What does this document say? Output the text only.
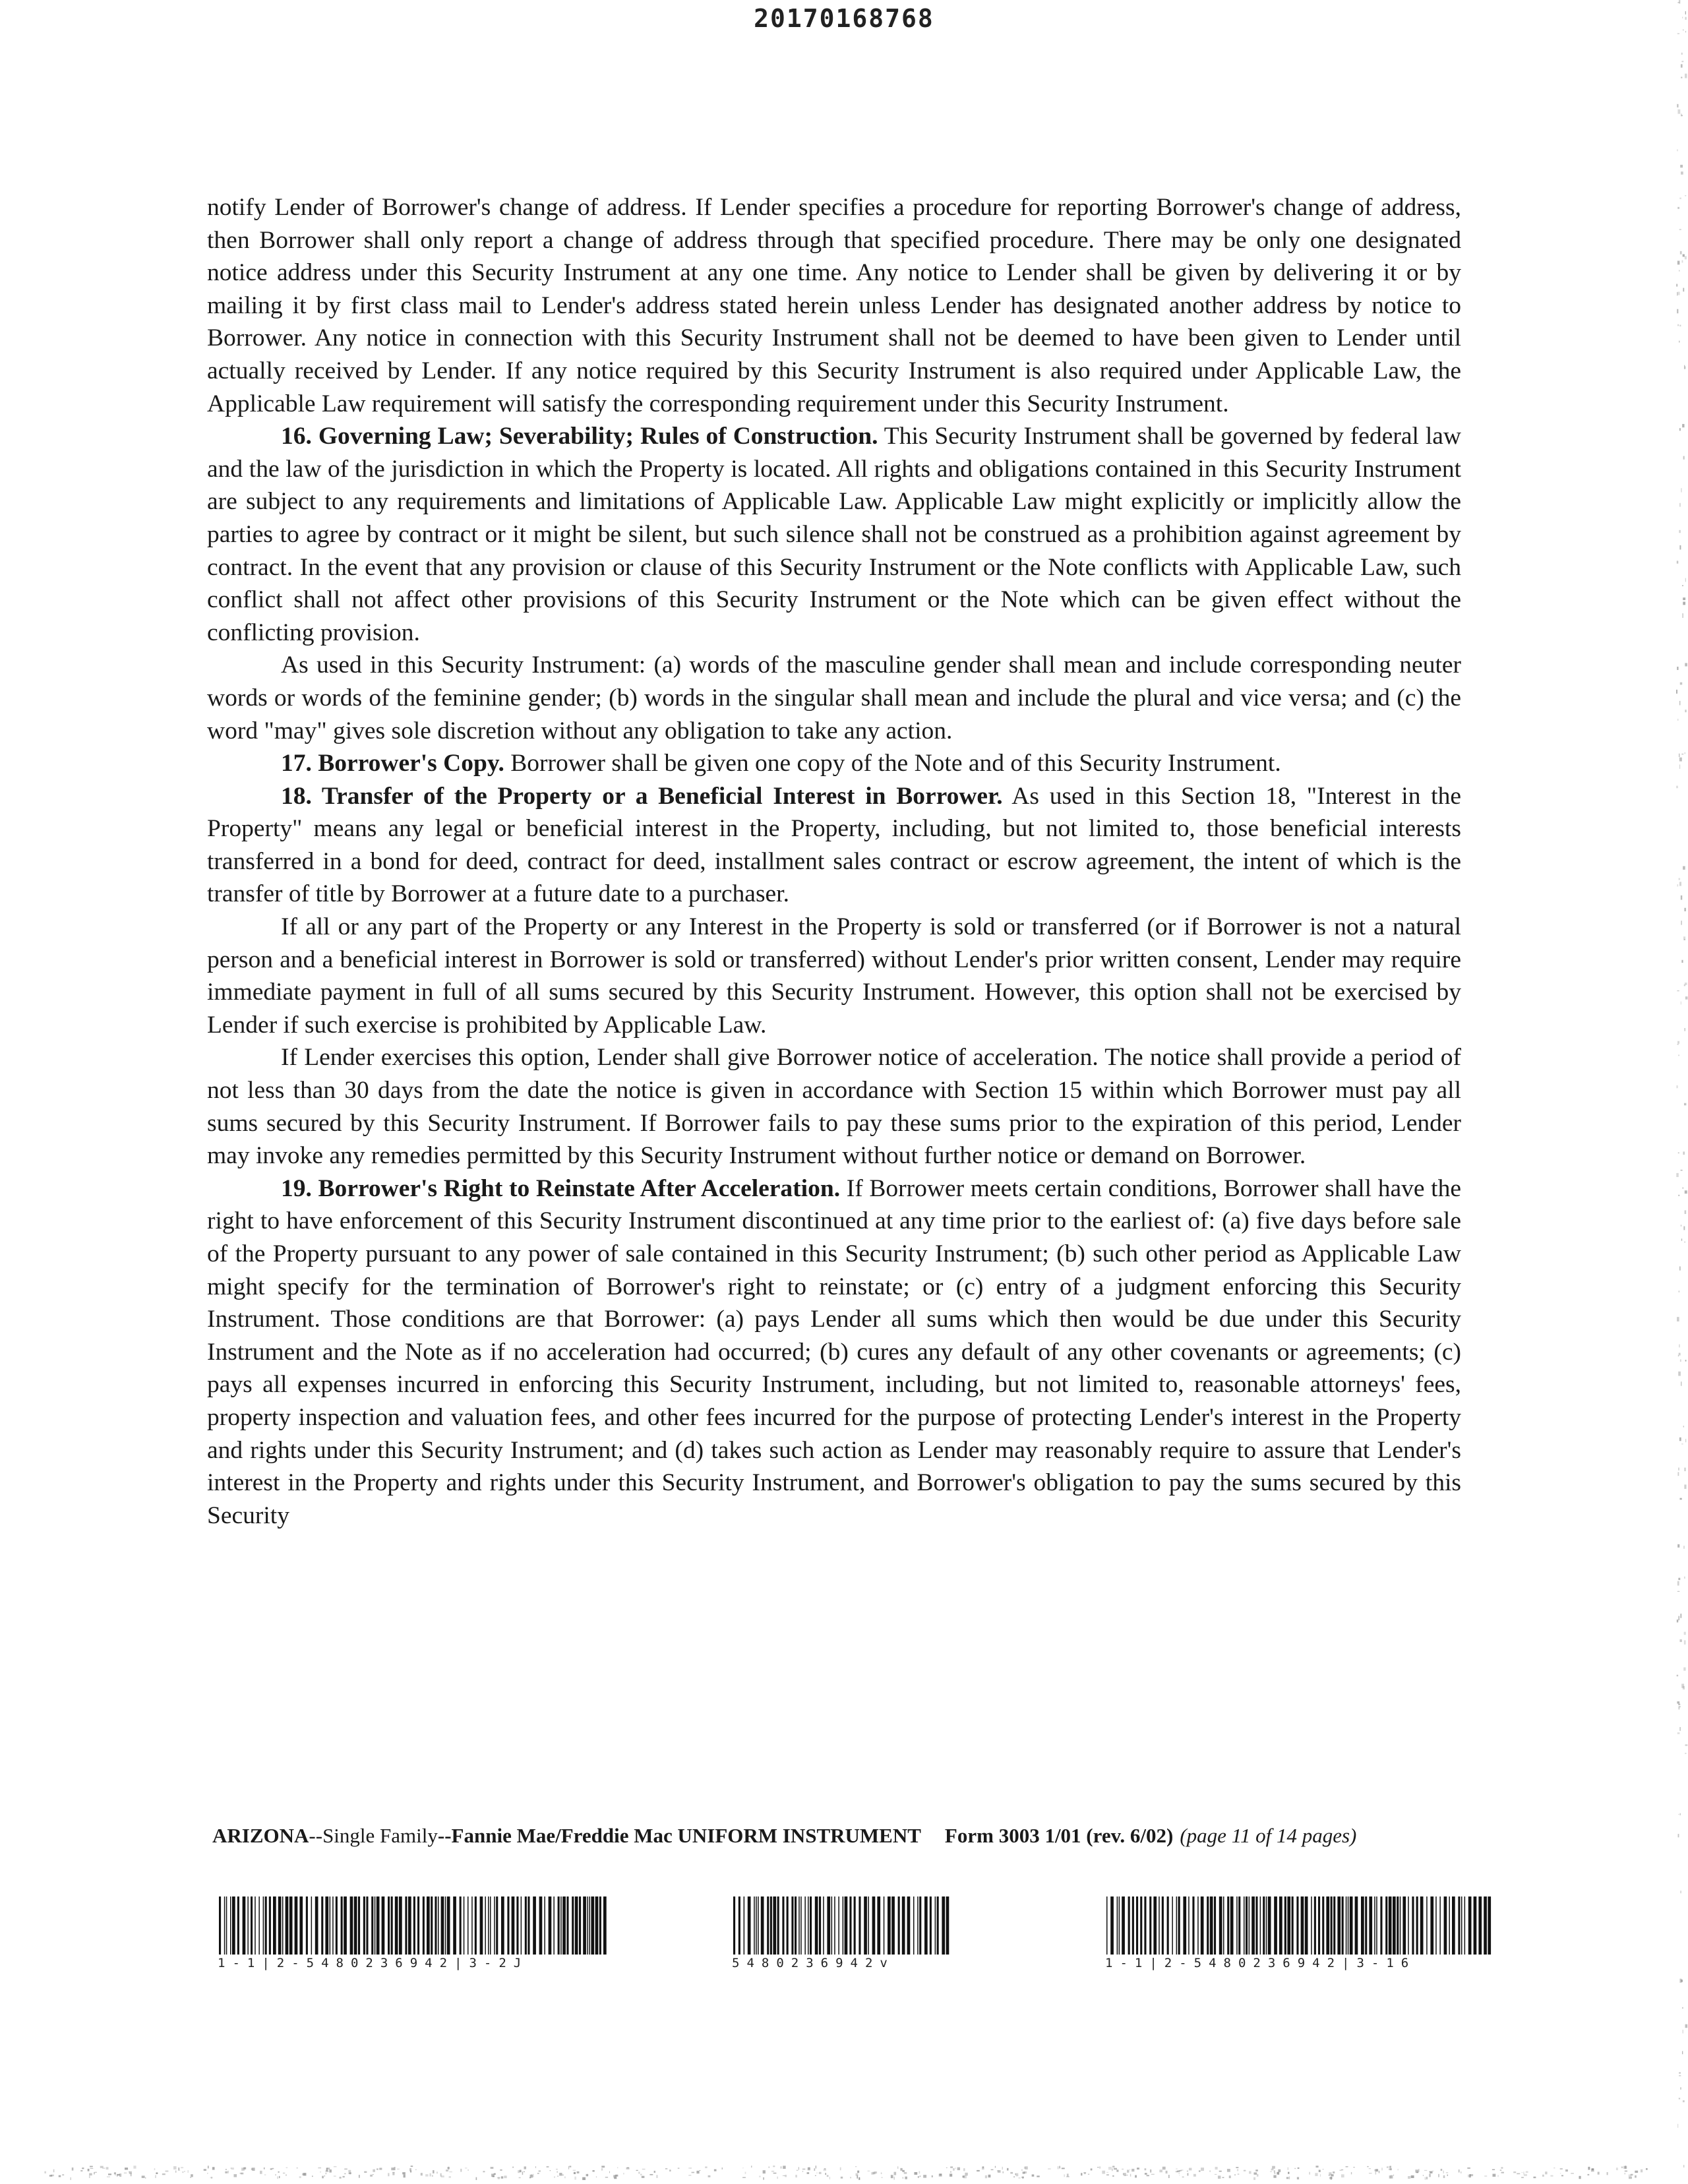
20170168768

notify Lender of Borrower's change of address. If Lender specifies a procedure for reporting Borrower's change of address, then Borrower shall only report a change of address through that specified procedure. There may be only one designated notice address under this Security Instrument at any one time. Any notice to Lender shall be given by delivering it or by mailing it by first class mail to Lender's address stated herein unless Lender has designated another address by notice to Borrower. Any notice in connection with this Security Instrument shall not be deemed to have been given to Lender until actually received by Lender. If any notice required by this Security Instrument is also required under Applicable Law, the Applicable Law requirement will satisfy the corresponding requirement under this Security Instrument.

16. Governing Law; Severability; Rules of Construction. This Security Instrument shall be governed by federal law and the law of the jurisdiction in which the Property is located. All rights and obligations contained in this Security Instrument are subject to any requirements and limitations of Applicable Law. Applicable Law might explicitly or implicitly allow the parties to agree by contract or it might be silent, but such silence shall not be construed as a prohibition against agreement by contract. In the event that any provision or clause of this Security Instrument or the Note conflicts with Applicable Law, such conflict shall not affect other provisions of this Security Instrument or the Note which can be given effect without the conflicting provision.

As used in this Security Instrument: (a) words of the masculine gender shall mean and include corresponding neuter words or words of the feminine gender; (b) words in the singular shall mean and include the plural and vice versa; and (c) the word "may" gives sole discretion without any obligation to take any action.

17. Borrower's Copy. Borrower shall be given one copy of the Note and of this Security Instrument.

18. Transfer of the Property or a Beneficial Interest in Borrower. As used in this Section 18, "Interest in the Property" means any legal or beneficial interest in the Property, including, but not limited to, those beneficial interests transferred in a bond for deed, contract for deed, installment sales contract or escrow agreement, the intent of which is the transfer of title by Borrower at a future date to a purchaser.

If all or any part of the Property or any Interest in the Property is sold or transferred (or if Borrower is not a natural person and a beneficial interest in Borrower is sold or transferred) without Lender's prior written consent, Lender may require immediate payment in full of all sums secured by this Security Instrument. However, this option shall not be exercised by Lender if such exercise is prohibited by Applicable Law.

If Lender exercises this option, Lender shall give Borrower notice of acceleration. The notice shall provide a period of not less than 30 days from the date the notice is given in accordance with Section 15 within which Borrower must pay all sums secured by this Security Instrument. If Borrower fails to pay these sums prior to the expiration of this period, Lender may invoke any remedies permitted by this Security Instrument without further notice or demand on Borrower.

19. Borrower's Right to Reinstate After Acceleration. If Borrower meets certain conditions, Borrower shall have the right to have enforcement of this Security Instrument discontinued at any time prior to the earliest of: (a) five days before sale of the Property pursuant to any power of sale contained in this Security Instrument; (b) such other period as Applicable Law might specify for the termination of Borrower's right to reinstate; or (c) entry of a judgment enforcing this Security Instrument. Those conditions are that Borrower: (a) pays Lender all sums which then would be due under this Security Instrument and the Note as if no acceleration had occurred; (b) cures any default of any other covenants or agreements; (c) pays all expenses incurred in enforcing this Security Instrument, including, but not limited to, reasonable attorneys' fees, property inspection and valuation fees, and other fees incurred for the purpose of protecting Lender's interest in the Property and rights under this Security Instrument; and (d) takes such action as Lender may reasonably require to assure that Lender's interest in the Property and rights under this Security Instrument, and Borrower's obligation to pay the sums secured by this Security

ARIZONA--Single Family--Fannie Mae/Freddie Mac UNIFORM INSTRUMENT Form 3003 1/01 (rev. 6/02) (page 11 of 14 pages)
1-1|2-5480236942|3-2J	5480236942v	1-1|2-5480236942|3-16
